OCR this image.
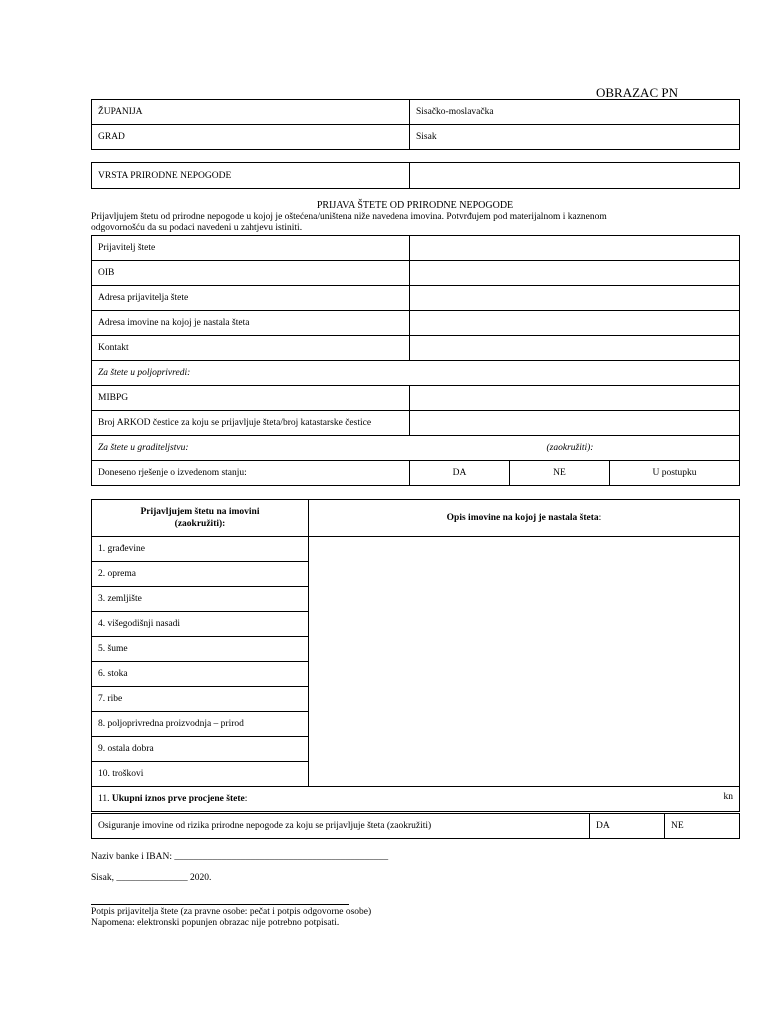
OBRAZAC PN
ŽUPANIJA	Sisačko-moslavačka
GRAD	Sisak
VRSTA PRIRODNE NEPOGODE	
PRIJAVA ŠTETE OD PRIRODNE NEPOGODE
Prijavljujem štetu od prirodne nepogode u kojoj je oštećena/uništena niže navedena imovina. Potvrđujem pod materijalnom i kaznenom
odgovornošću da su podaci navedeni u zahtjevu istiniti.
Prijavitelj štete			
OIB			
Adresa prijavitelja štete			
Adresa imovine na kojoj je nastala šteta			
Kontakt			
Za štete u poljoprivredi:			
MIBPG			
Broj ARKOD čestice za koju se prijavljuje šteta/broj katastarske čestice			
Za štete u graditeljstvu: (zaokružiti):			

Doneseno rješenje o izvedenom stanju:	DA	NE	U postupku
Prijavljujem štetu na imovini
(zaokružiti):	Opis imovine na kojoj je nastala šteta:
1. građevine	
2. oprema	
3. zemljište	
4. višegodišnji nasadi	
5. šume	
6. stoka	
7. ribe	
8. poljoprivredna proizvodnja – prirod	
9. ostala dobra	
10. troškovi	
11. Ukupni iznos prve procjene štete: kn	
Osiguranje imovine od rizika prirodne nepogode za koju se prijavljuje šteta (zaokružiti)	DA	NE
Naziv banke i IBAN: _____________________________________________
Sisak, _______________ 2020.
Potpis prijavitelja štete (za pravne osobe: pečat i potpis odgovorne osobe)
Napomena: elektronski popunjen obrazac nije potrebno potpisati.
